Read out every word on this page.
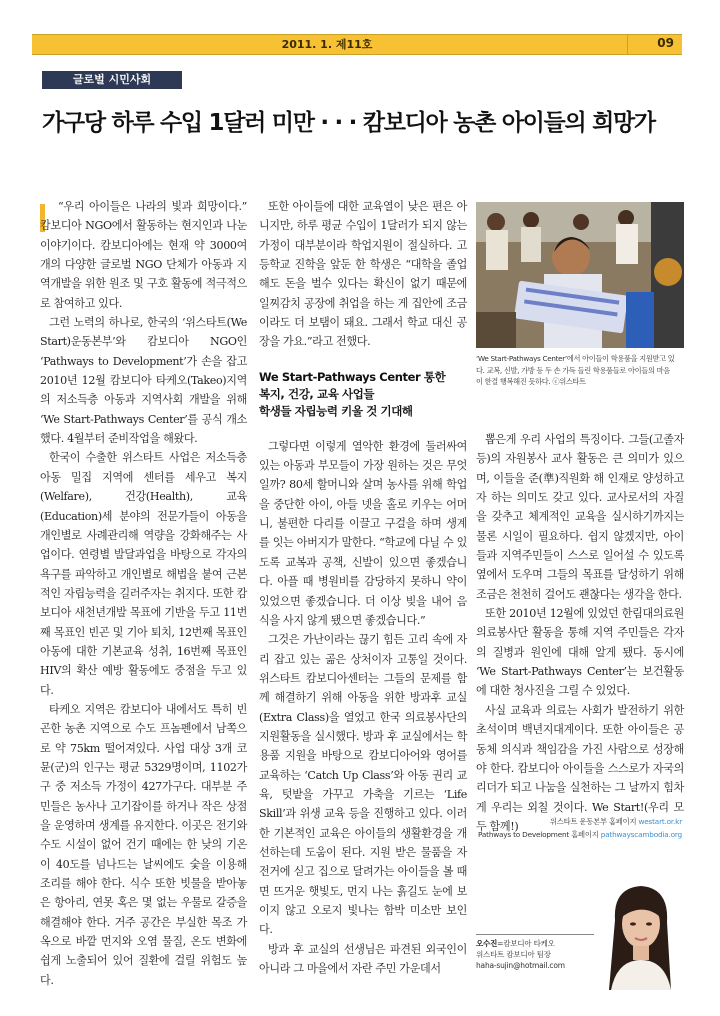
2011. 1. 제11호	09
글로벌 시민사회
가구당 하루 수입 1달러 미만 · · · 캄보디아 농촌 아이들의 희망가

“우리 아이들은 나라의 빛과 희망이다.” 캄보디아 NGO에서 활동하는 현지인과 나눈 이야기이다. 캄보디아에는 현재 약 3000여 개의 다양한 글로벌 NGO 단체가 아동과 지역개발을 위한 원조 및 구호 활동에 적극적으로 참여하고 있다.

그런 노력의 하나로, 한국의 ‘위스타트(We Start)운동본부’와 캄보디아 NGO인 ‘Pathways to Development’가 손을 잡고 2010년 12월 캄보디아 타케오(Takeo)지역의 저소득층 아동과 지역사회 개발을 위해 ‘We Start-Pathways Center’를 공식 개소했다. 4월부터 준비작업을 해왔다.

한국이 수출한 위스타트 사업은 저소득층 아동 밀집 지역에 센터를 세우고 복지(Welfare), 건강(Health), 교육(Education)세 분야의 전문가들이 아동을 개인별로 사례관리해 역량을 강화해주는 사업이다. 연령별 발달과업을 바탕으로 각자의 욕구를 파악하고 개인별로 해법을 붙여 근본적인 자립능력을 길러주자는 취지다. 또한 캄보디아 새천년개발 목표에 기반을 두고 11번 째 목표인 빈곤 및 기아 퇴치, 12번째 목표인 아동에 대한 기본교육 성취, 16번째 목표인 HIV의 확산 예방 활동에도 중점을 두고 있다.

타케오 지역은 캄보디아 내에서도 특히 빈곤한 농촌 지역으로 수도 프놈펜에서 남쪽으로 약 75km 떨어져있다. 사업 대상 3개 코뮨(군)의 인구는 평균 5329명이며, 1102가구 중 저소득 가정이 427가구다. 대부분 주민들은 농사나 고기잡이를 하거나 작은 상점을 운영하며 생계를 유지한다. 이곳은 전기와 수도 시설이 없어 건기 때에는 한 낮의 기온이 40도를 넘나드는 날씨에도 숯을 이용해 조리를 해야 한다. 식수 또한 빗물을 받아놓은 항아리, 연못 혹은 몇 없는 우물로 갈증을 해결해야 한다. 거주 공간은 부실한 목조 가옥으로 바깥 먼지와 오염 물질, 온도 변화에 쉽게 노출되어 있어 질환에 걸릴 위험도 높다.

또한 아이들에 대한 교육열이 낮은 편은 아니지만, 하루 평균 수입이 1달러가 되지 않는 가정이 대부분이라 학업지원이 절실하다. 고등학교 진학을 앞둔 한 학생은 “대학을 졸업해도 돈을 벌수 있다는 확신이 없기 때문에 일찌감치 공장에 취업을 하는 게 집안에 조금이라도 더 보탬이 돼요. 그래서 학교 대신 공장을 가요.”라고 전했다.

We Start-Pathways Center 통한
복지, 건강, 교육 사업들
학생들 자립능력 키울 것 기대해

그렇다면 이렇게 열악한 환경에 둘러싸여 있는 아동과 부모들이 가장 원하는 것은 무엇일까? 80세 할머니와 살며 농사를 위해 학업을 중단한 아이, 아들 넷을 홀로 키우는 어머니, 불편한 다리를 이끌고 구걸을 하며 생계를 잇는 아버지가 말한다. “학교에 다닐 수 있도록 교복과 공책, 신발이 있으면 좋겠습니다. 아플 때 병원비를 감당하지 못하니 약이 있었으면 좋겠습니다. 더 이상 빚을 내어 음식을 사지 않게 됐으면 좋겠습니다.”

그것은 가난이라는 끊기 힘든 고리 속에 자리 잡고 있는 곪은 상처이자 고통일 것이다. 위스타트 캄보디아센터는 그들의 문제를 함께 해결하기 위해 아동을 위한 방과후 교실(Extra Class)을 열었고 한국 의료봉사단의 지원활동을 실시했다. 방과 후 교실에서는 학용품 지원을 바탕으로 캄보디아어와 영어를 교육하는 ‘Catch Up Class’와 아동 권리 교육, 텃밭을 가꾸고 가축을 기르는 ‘Life Skill’과 위생 교육 등을 진행하고 있다. 이러한 기본적인 교육은 아이들의 생활환경을 개선하는데 도움이 된다. 지원 받은 물품을 자전거에 싣고 집으로 달려가는 아이들을 볼 때면 뜨거운 햇빛도, 먼지 나는 흙길도 눈에 보이지 않고 오로지 빛나는 함박 미소만 보인다.

방과 후 교실의 선생님은 파견된 외국인이 아니라 그 마을에서 자란 주민 가운데서

‘We Start-Pathways Center’에서 아이들이 학용품을 지원받고 있
다. 교복, 신발, 가방 등 두 손 가득 들린 학용품들로 아이들의 마음
이 한결 행복해진 듯하다. ⓒ위스타트

뽑은게 우리 사업의 특징이다. 그들(고졸자 등)의 자원봉사 교사 활동은 큰 의미가 있으며, 이들을 준(準)직원화 해 인재로 양성하고자 하는 의미도 갖고 있다. 교사로서의 자질을 갖추고 체계적인 교육을 실시하기까지는 물론 시일이 필요하다. 쉽지 않겠지만, 아이들과 지역주민들이 스스로 일어설 수 있도록 옆에서 도우며 그들의 목표를 달성하기 위해 조금은 천천히 걸어도 괜찮다는 생각을 한다.

또한 2010년 12월에 있었던 한림대의료원 의료봉사단 활동을 통해 지역 주민들은 각자의 질병과 원인에 대해 알게 됐다. 동시에 ‘We Start-Pathways Center’는 보건활동에 대한 청사진을 그릴 수 있었다.

사실 교육과 의료는 사회가 발전하기 위한 초석이며 백년지대계이다. 또한 아이들은 공동체 의식과 책임감을 가진 사람으로 성장해야 한다. 캄보디아 아이들을 스스로가 자국의 리더가 되고 나눔을 실천하는 그 날까지 힘차게 우리는 외칠 것이다. We Start!(우리 모두 함께!)	위스타트 운동본부 홈페이지 westart.or.kr
Pathways to Development 홈페이지 pathwayscambodia.org
오수진=캄보디아 타케오
위스타트 캄보디아 팀장
haha-sujin@hotmail.com
